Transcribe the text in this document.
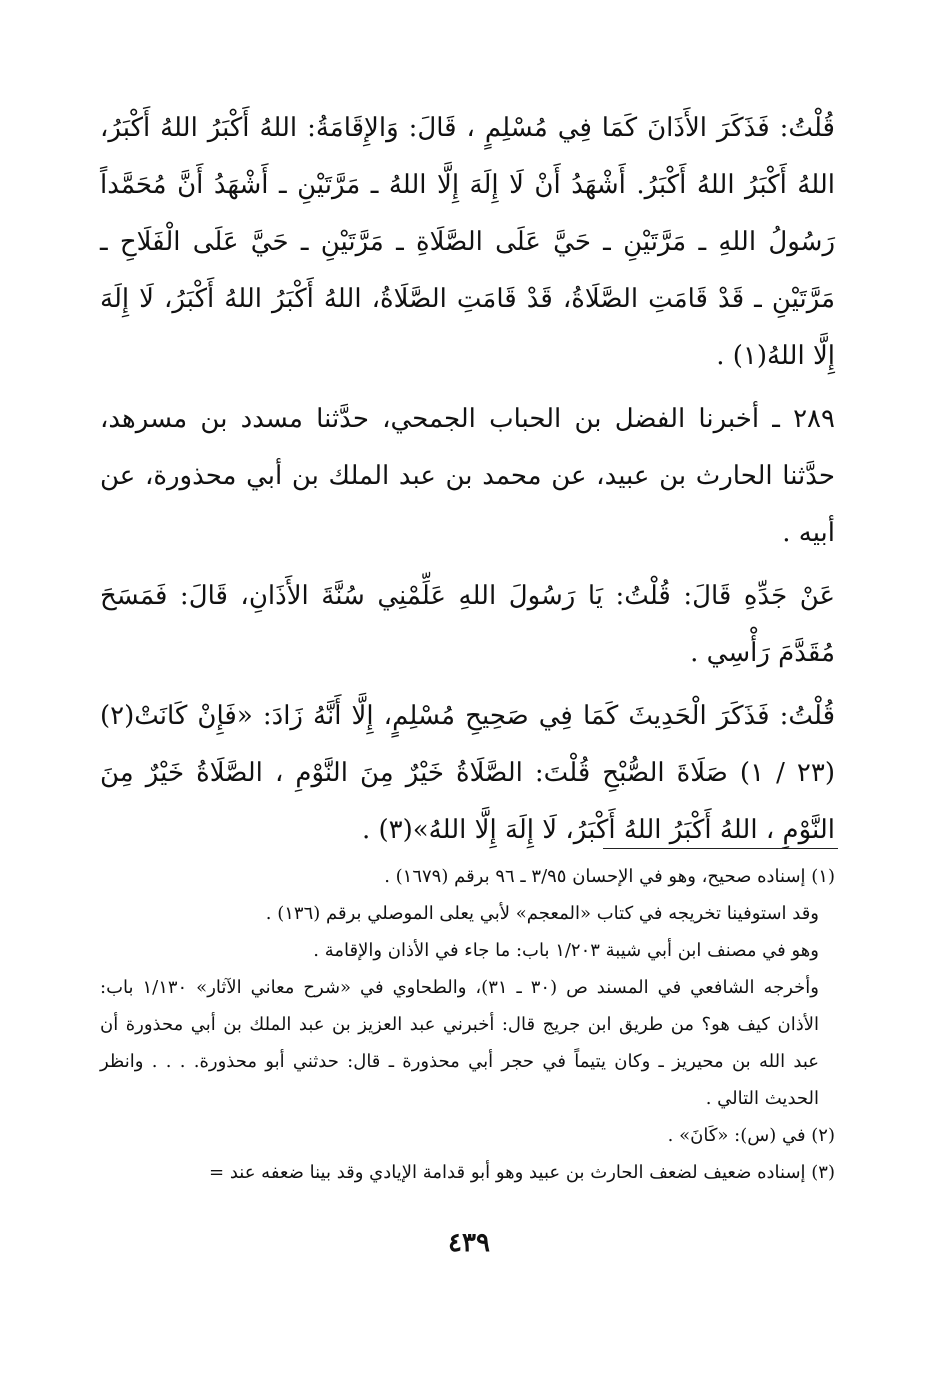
قُلْتُ: فَذَكَرَ الأَذَانَ كَمَا فِي مُسْلِمٍ ، قَالَ: وَالإِقَامَةُ: اللهُ أَكْبَرُ اللهُ أَكْبَرُ، اللهُ أَكْبَرُ اللهُ أَكْبَرُ. أَشْهَدُ أَنْ لَا إِلَهَ إِلَّا اللهُ ـ مَرَّتَيْنِ ـ أَشْهَدُ أَنَّ مُحَمَّداً رَسُولُ اللهِ ـ مَرَّتَيْنِ ـ حَيَّ عَلَى الصَّلَاةِ ـ مَرَّتَيْنِ ـ حَيَّ عَلَى الْفَلَاحِ ـ مَرَّتَيْنِ ـ قَدْ قَامَتِ الصَّلَاةُ، قَدْ قَامَتِ الصَّلَاةُ، اللهُ أَكْبَرُ اللهُ أَكْبَرُ، لَا إِلَهَ إِلَّا اللهُ(١) .

٢٨٩ ـ أخبرنا الفضل بن الحباب الجمحي، حدَّثنا مسدد بن مسرهد، حدَّثنا الحارث بن عبيد، عن محمد بن عبد الملك بن أبي محذورة، عن أبيه .

عَنْ جَدِّهِ قَالَ: قُلْتُ: يَا رَسُولَ اللهِ عَلِّمْنِي سُنَّةَ الأَذَانِ، قَالَ: فَمَسَحَ مُقَدَّمَ رَأْسِي .

قُلْتُ: فَذَكَرَ الْحَدِيثَ كَمَا فِي صَحِيحِ مُسْلِمٍ، إِلَّا أَنَّهُ زَادَ: «فَإِنْ كَانَتْ(٢) (٢٣ / ١) صَلَاةَ الصُّبْحِ قُلْتَ: الصَّلَاةُ خَيْرٌ مِنَ النَّوْمِ ، الصَّلَاةُ خَيْرٌ مِنَ النَّوْمِ ، اللهُ أَكْبَرُ اللهُ أَكْبَرُ، لَا إِلَهَ إِلَّا اللهُ»(٣) .

(١) إسناده صحيح، وهو في الإحسان ٣/٩٥ ـ ٩٦ برقم (١٦٧٩) .

وقد استوفينا تخريجه في كتاب «المعجم» لأبي يعلى الموصلي برقم (١٣٦) .

وهو في مصنف ابن أبي شيبة ١/٢٠٣ باب: ما جاء في الأذان والإقامة .

وأخرجه الشافعي في المسند ص (٣٠ ـ ٣١)، والطحاوي في «شرح معاني الآثار» ١/١٣٠ باب: الأذان كيف هو؟ من طريق ابن جريج قال: أخبرني عبد العزيز بن عبد الملك بن أبي محذورة أن عبد الله بن محيريز ـ وكان يتيماً في حجر أبي محذورة ـ قال: حدثني أبو محذورة. . . . وانظر الحديث التالي .

(٢) في (س): «كَانَ» .

(٣) إسناده ضعيف لضعف الحارث بن عبيد وهو أبو قدامة الإيادي وقد بينا ضعفه عند =

٤٣٩
